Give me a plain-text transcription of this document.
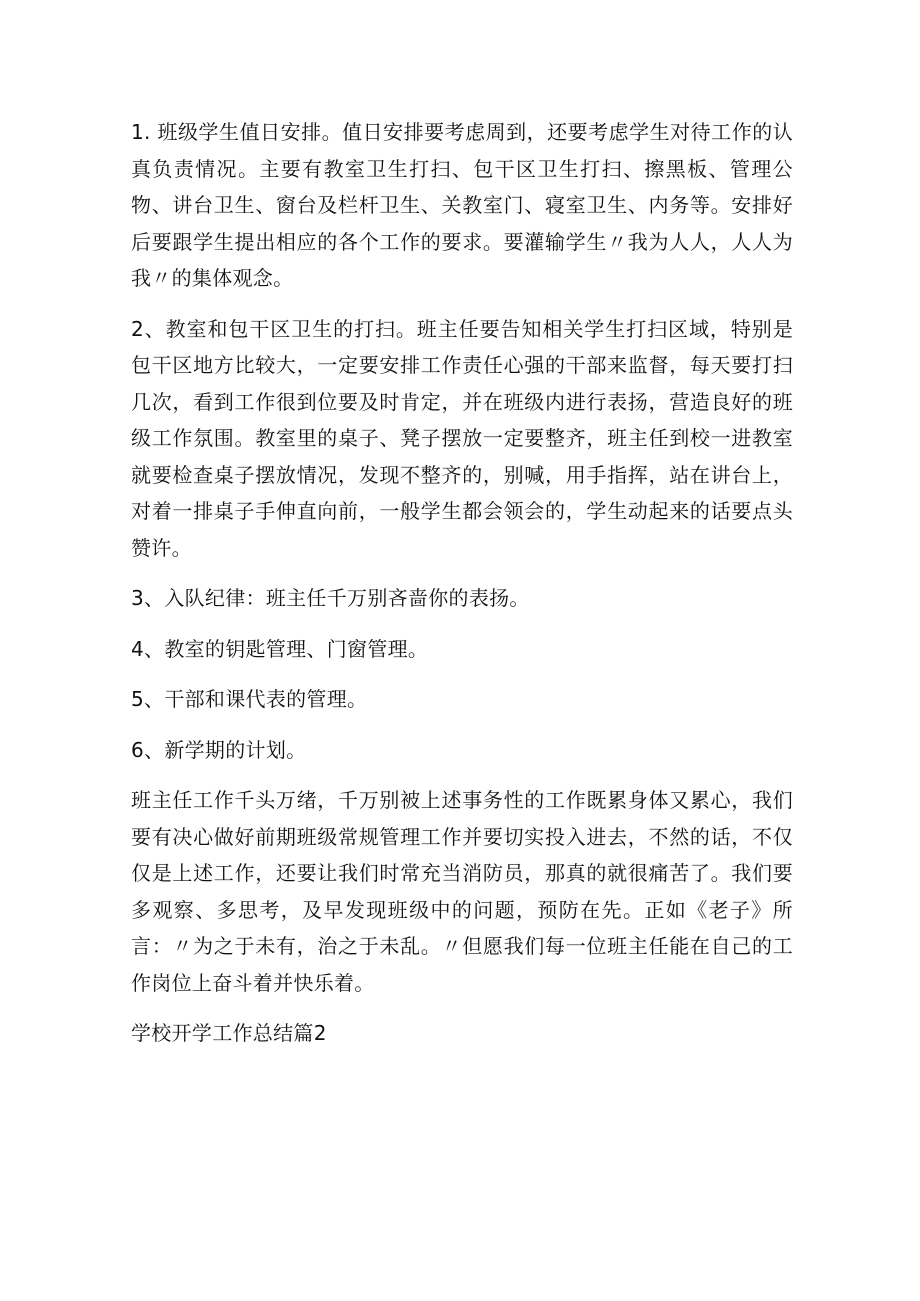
1. 班级学生值日安排。值日安排要考虑周到，还要考虑学生对待工作的认真负责情况。主要有教室卫生打扫、包干区卫生打扫、擦黑板、管理公物、讲台卫生、窗台及栏杆卫生、关教室门、寝室卫生、内务等。安排好后要跟学生提出相应的各个工作的要求。要灌输学生〃我为人人，人人为我〃的集体观念。

2、教室和包干区卫生的打扫。班主任要告知相关学生打扫区域，特别是包干区地方比较大，一定要安排工作责任心强的干部来监督，每天要打扫几次，看到工作很到位要及时肯定，并在班级内进行表扬，营造良好的班级工作氛围。教室里的桌子、凳子摆放一定要整齐，班主任到校一进教室就要检查桌子摆放情况，发现不整齐的，别喊，用手指挥，站在讲台上，对着一排桌子手伸直向前，一般学生都会领会的，学生动起来的话要点头赞许。

3、入队纪律：班主任千万别吝啬你的表扬。

4、教室的钥匙管理、门窗管理。

5、干部和课代表的管理。

6、新学期的计划。

班主任工作千头万绪，千万别被上述事务性的工作既累身体又累心，我们要有决心做好前期班级常规管理工作并要切实投入进去，不然的话，不仅仅是上述工作，还要让我们时常充当消防员，那真的就很痛苦了。我们要多观察、多思考，及早发现班级中的问题，预防在先。正如《老子》所言：〃为之于未有，治之于未乱。〃但愿我们每一位班主任能在自己的工作岗位上奋斗着并快乐着。

学校开学工作总结篇2
